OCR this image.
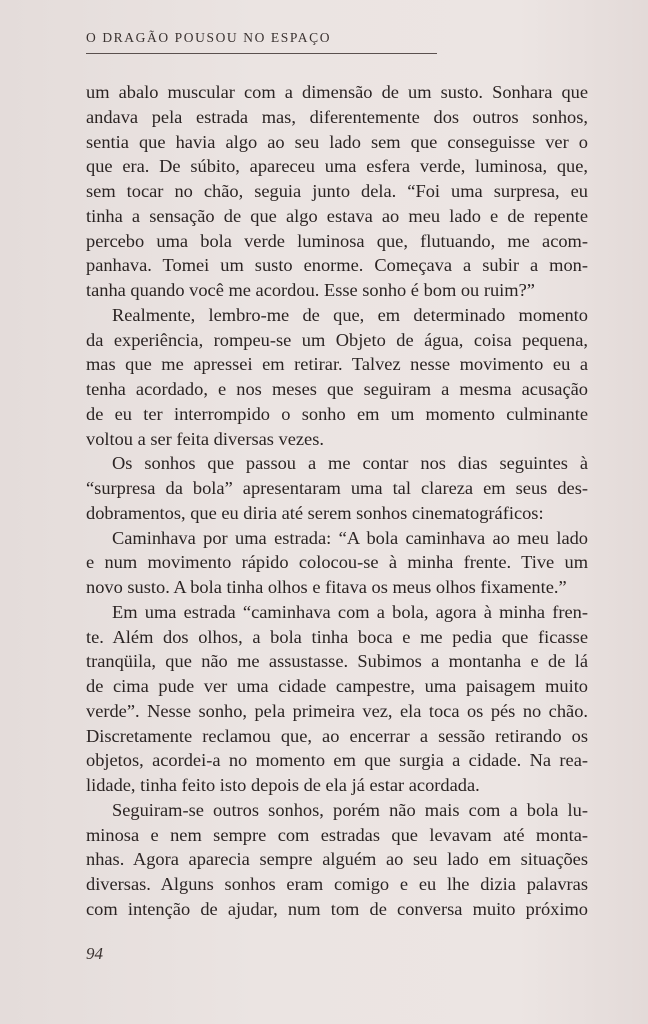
O DRAGÃO POUSOU NO ESPAÇO
um abalo muscular com a dimensão de um susto. Sonhara que
andava pela estrada mas, diferentemente dos outros sonhos,
sentia que havia algo ao seu lado sem que conseguisse ver o
que era. De súbito, apareceu uma esfera verde, luminosa, que,
sem tocar no chão, seguia junto dela. “Foi uma surpresa, eu
tinha a sensação de que algo estava ao meu lado e de repente
percebo uma bola verde luminosa que, flutuando, me acom-
panhava. Tomei um susto enorme. Começava a subir a mon-
tanha quando você me acordou. Esse sonho é bom ou ruim?”
Realmente, lembro-me de que, em determinado momento
da experiência, rompeu-se um Objeto de água, coisa pequena,
mas que me apressei em retirar. Talvez nesse movimento eu a
tenha acordado, e nos meses que seguiram a mesma acusação
de eu ter interrompido o sonho em um momento culminante
voltou a ser feita diversas vezes.
Os sonhos que passou a me contar nos dias seguintes à
“surpresa da bola” apresentaram uma tal clareza em seus des-
dobramentos, que eu diria até serem sonhos cinematográficos:
Caminhava por uma estrada: “A bola caminhava ao meu lado
e num movimento rápido colocou-se à minha frente. Tive um
novo susto. A bola tinha olhos e fitava os meus olhos fixamente.”
Em uma estrada “caminhava com a bola, agora à minha fren-
te. Além dos olhos, a bola tinha boca e me pedia que ficasse
tranqüila, que não me assustasse. Subimos a montanha e de lá
de cima pude ver uma cidade campestre, uma paisagem muito
verde”. Nesse sonho, pela primeira vez, ela toca os pés no chão.
Discretamente reclamou que, ao encerrar a sessão retirando os
objetos, acordei-a no momento em que surgia a cidade. Na rea-
lidade, tinha feito isto depois de ela já estar acordada.
Seguiram-se outros sonhos, porém não mais com a bola lu-
minosa e nem sempre com estradas que levavam até monta-
nhas. Agora aparecia sempre alguém ao seu lado em situações
diversas. Alguns sonhos eram comigo e eu lhe dizia palavras
com intenção de ajudar, num tom de conversa muito próximo
94
